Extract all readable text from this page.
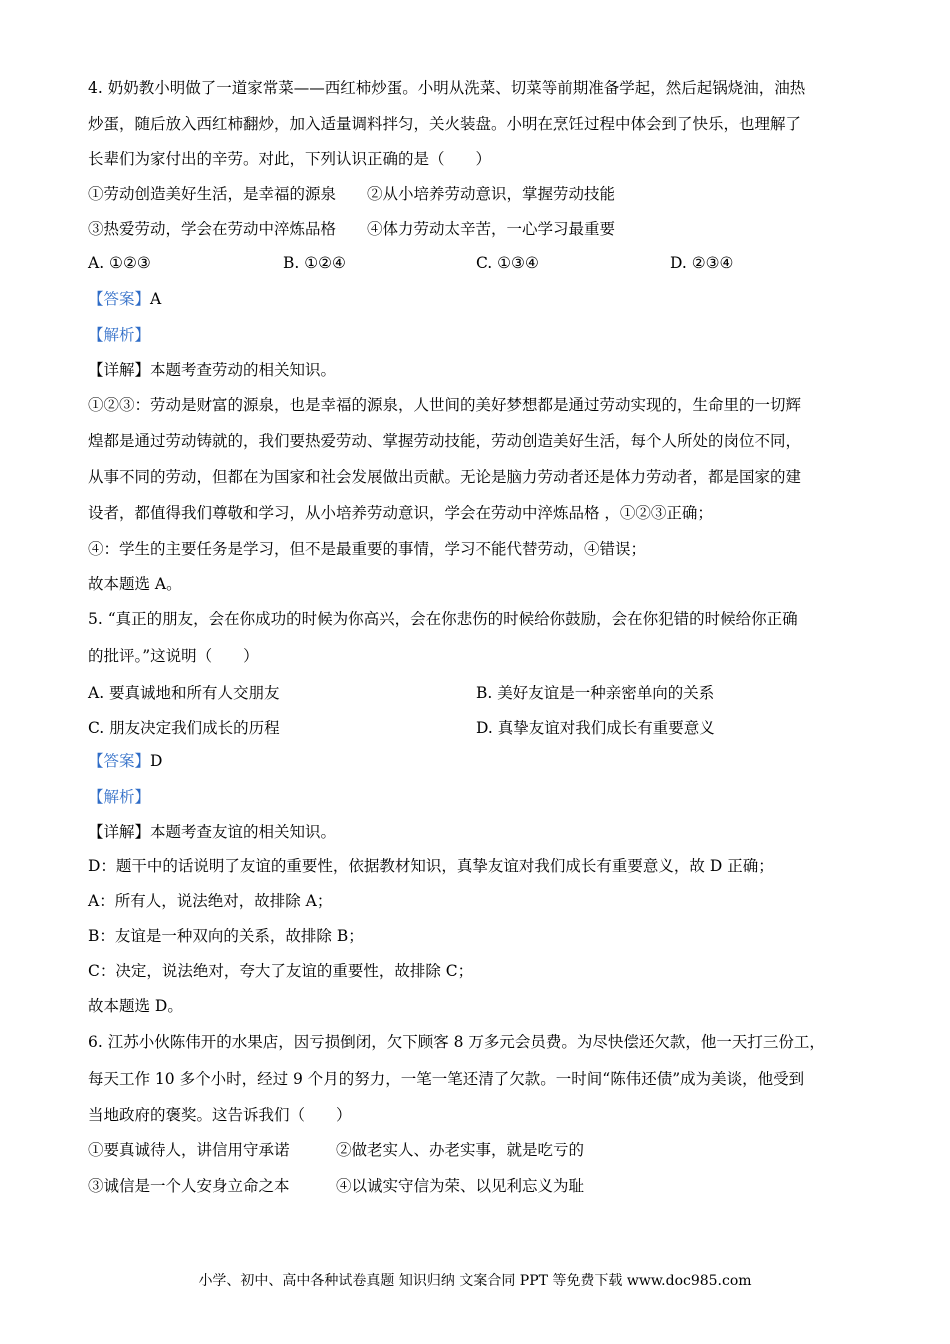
4. 奶奶教小明做了一道家常菜——西红柿炒蛋。小明从洗菜、切菜等前期准备学起，然后起锅烧油，油热
炒蛋，随后放入西红柿翻炒，加入适量调料拌匀，关火装盘。小明在烹饪过程中体会到了快乐，也理解了
长辈们为家付出的辛劳。对此，下列认识正确的是（　　）
①劳动创造美好生活，是幸福的源泉　　②从小培养劳动意识，掌握劳动技能
③热爱劳动，学会在劳动中淬炼品格　　④体力劳动太辛苦，一心学习最重要
A. ①②③	B. ①②④	C. ①③④	D. ②③④
【答案】A
【解析】
【详解】本题考查劳动的相关知识。
①②③：劳动是财富的源泉，也是幸福的源泉，人世间的美好梦想都是通过劳动实现的，生命里的一切辉
煌都是通过劳动铸就的，我们要热爱劳动、掌握劳动技能，劳动创造美好生活，每个人所处的岗位不同，
从事不同的劳动，但都在为国家和社会发展做出贡献。无论是脑力劳动者还是体力劳动者，都是国家的建
设者，都值得我们尊敬和学习，从小培养劳动意识，学会在劳动中淬炼品格 ，①②③正确；
④：学生的主要任务是学习，但不是最重要的事情，学习不能代替劳动，④错误；
故本题选 A。
5. “真正的朋友，会在你成功的时候为你高兴，会在你悲伤的时候给你鼓励，会在你犯错的时候给你正确
的批评。”这说明（　　）
A. 要真诚地和所有人交朋友	B. 美好友谊是一种亲密单向的关系
C. 朋友决定我们成长的历程	D. 真挚友谊对我们成长有重要意义
【答案】D
【解析】
【详解】本题考查友谊的相关知识。
D：题干中的话说明了友谊的重要性，依据教材知识，真挚友谊对我们成长有重要意义，故 D 正确；
A：所有人，说法绝对，故排除 A；
B：友谊是一种双向的关系，故排除 B；
C：决定，说法绝对，夸大了友谊的重要性，故排除 C；
故本题选 D。
6. 江苏小伙陈伟开的水果店，因亏损倒闭，欠下顾客 8 万多元会员费。为尽快偿还欠款，他一天打三份工，
每天工作 10 多个小时，经过 9 个月的努力，一笔一笔还清了欠款。一时间“陈伟还债”成为美谈，他受到
当地政府的褒奖。这告诉我们（　　）
①要真诚待人，讲信用守承诺　　　②做老实人、办老实事，就是吃亏的
③诚信是一个人安身立命之本　　　④以诚实守信为荣、以见利忘义为耻
小学、初中、高中各种试卷真题 知识归纳 文案合同 PPT 等免费下载 www.doc985.com
